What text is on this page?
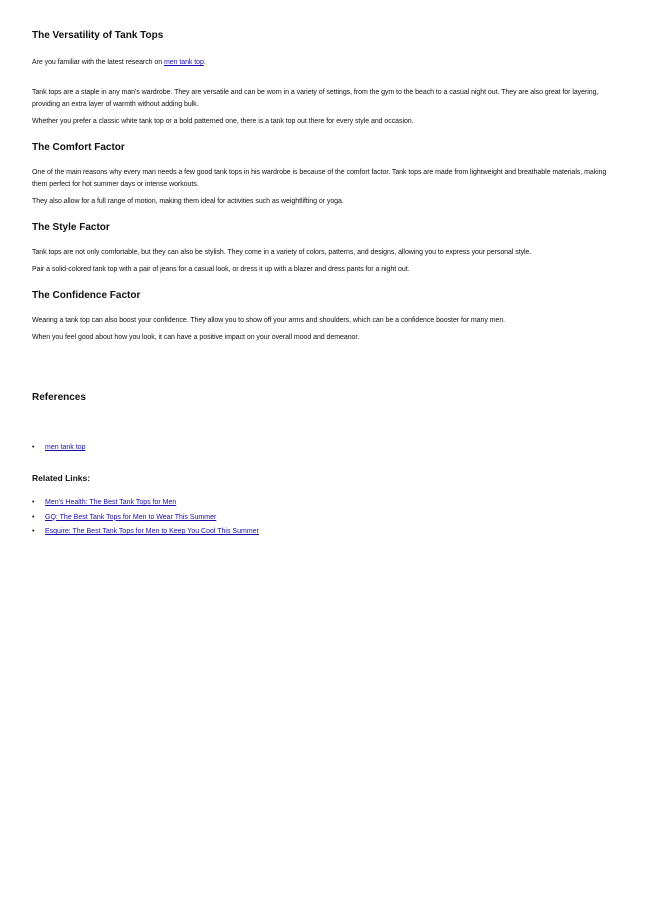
The Versatility of Tank Tops

Are you familiar with the latest research on men tank top.

Tank tops are a staple in any man's wardrobe. They are versatile and can be worn in a variety of settings, from the gym to the beach to a casual night out. They are also great for layering, providing an extra layer of warmth without adding bulk.

Whether you prefer a classic white tank top or a bold patterned one, there is a tank top out there for every style and occasion.

The Comfort Factor

One of the main reasons why every man needs a few good tank tops in his wardrobe is because of the comfort factor. Tank tops are made from lightweight and breathable materials, making them perfect for hot summer days or intense workouts.

They also allow for a full range of motion, making them ideal for activities such as weightlifting or yoga.

The Style Factor

Tank tops are not only comfortable, but they can also be stylish. They come in a variety of colors, patterns, and designs, allowing you to express your personal style.

Pair a solid-colored tank top with a pair of jeans for a casual look, or dress it up with a blazer and dress pants for a night out.

The Confidence Factor

Wearing a tank top can also boost your confidence. They allow you to show off your arms and shoulders, which can be a confidence booster for many men.

When you feel good about how you look, it can have a positive impact on your overall mood and demeanor.

References
•	men tank top
Related Links:
•	Men's Health: The Best Tank Tops for Men
•	GQ: The Best Tank Tops for Men to Wear This Summer
•	Esquire: The Best Tank Tops for Men to Keep You Cool This Summer
